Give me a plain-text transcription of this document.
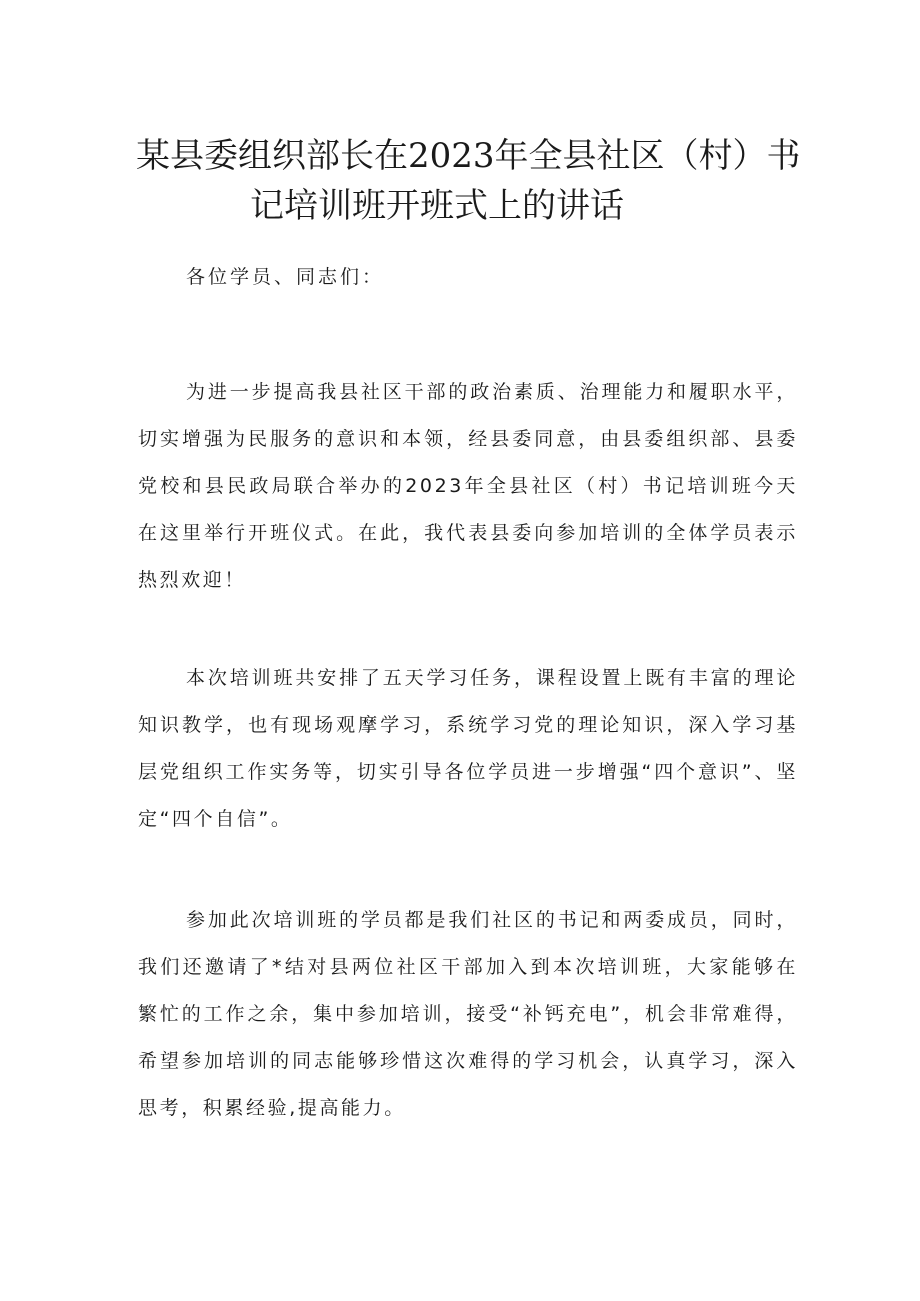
某县委组织部长在2023年全县社区（村）书
记培训班开班式上的讲话
各位学员、同志们：

为进一步提高我县社区干部的政治素质、治理能力和履职水平，切实增强为民服务的意识和本领，经县委同意，由县委组织部、县委党校和县民政局联合举办的2023年全县社区（村）书记培训班今天在这里举行开班仪式。在此，我代表县委向参加培训的全体学员表示热烈欢迎！

本次培训班共安排了五天学习任务，课程设置上既有丰富的理论知识教学，也有现场观摩学习，系统学习党的理论知识，深入学习基层党组织工作实务等，切实引导各位学员进一步增强“四个意识”、坚定“四个自信”。

参加此次培训班的学员都是我们社区的书记和两委成员，同时，我们还邀请了*结对县两位社区干部加入到本次培训班，大家能够在繁忙的工作之余，集中参加培训，接受“补钙充电”，机会非常难得，希望参加培训的同志能够珍惜这次难得的学习机会，认真学习，深入思考，积累经验,提高能力。
